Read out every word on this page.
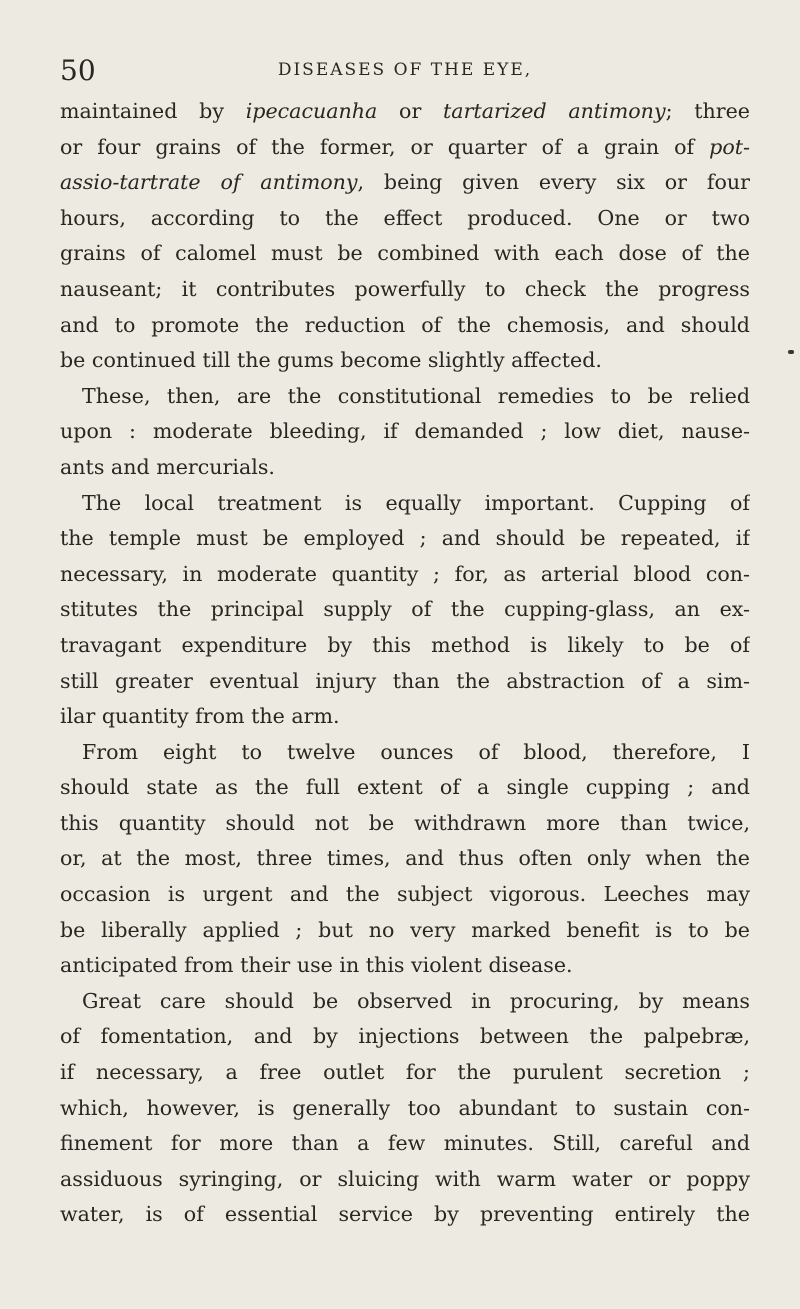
50	DISEASES OF THE EYE,
maintained by ipecacuanha or tartarized antimony; three
or four grains of the former, or quarter of a grain of pot-
assio-tartrate of antimony, being given every six or four
hours, according to the effect produced. One or two
grains of calomel must be combined with each dose of the
nauseant; it contributes powerfully to check the progress
and to promote the reduction of the chemosis, and should
be continued till the gums become slightly affected.
These, then, are the constitutional remedies to be relied
upon : moderate bleeding, if demanded ; low diet, nause-
ants and mercurials.
The local treatment is equally important. Cupping of
the temple must be employed ; and should be repeated, if
necessary, in moderate quantity ; for, as arterial blood con-
stitutes the principal supply of the cupping-glass, an ex-
travagant expenditure by this method is likely to be of
still greater eventual injury than the abstraction of a sim-
ilar quantity from the arm.
From eight to twelve ounces of blood, therefore, I
should state as the full extent of a single cupping ; and
this quantity should not be withdrawn more than twice,
or, at the most, three times, and thus often only when the
occasion is urgent and the subject vigorous. Leeches may
be liberally applied ; but no very marked benefit is to be
anticipated from their use in this violent disease.
Great care should be observed in procuring, by means
of fomentation, and by injections between the palpebræ,
if necessary, a free outlet for the purulent secretion ;
which, however, is generally too abundant to sustain con-
finement for more than a few minutes. Still, careful and
assiduous syringing, or sluicing with warm water or poppy
water, is of essential service by preventing entirely the
